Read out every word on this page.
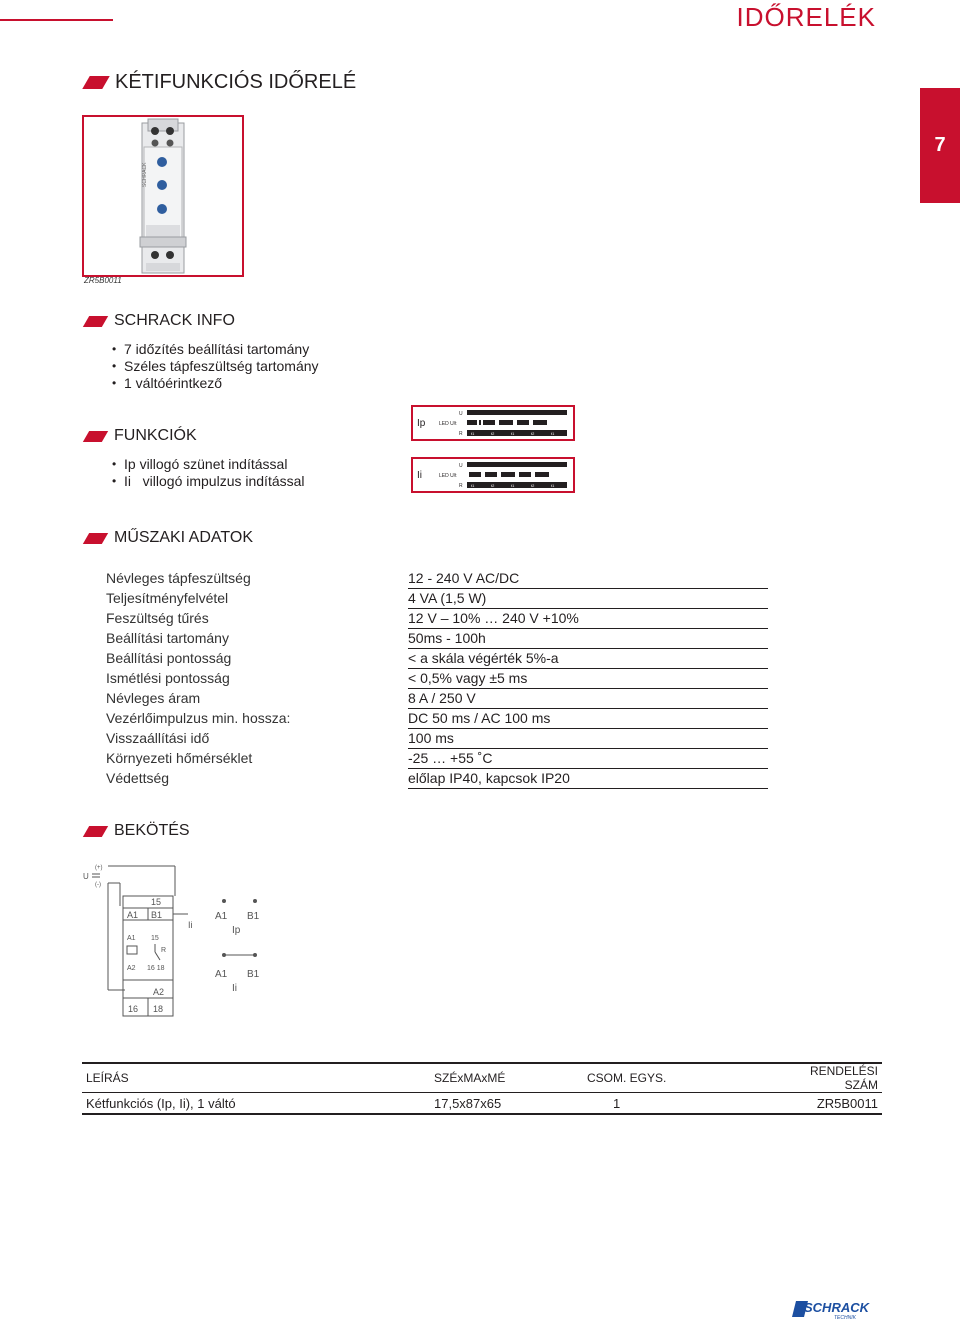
IDŐRELÉK
7
KÉTIFUNKCIÓS IDŐRELÉ
SCHRACK
ZR5B0011
SCHRACK INFO
• 7 időzítés beállítási tartomány
• Széles tápfeszültség tartomány
• 1 váltóérintkező
FUNKCIÓK
• Ip villogó szünet indítással
• Ii   villogó impulzus indítással
Ip
U
LED U/t
R t1	t2	t1	t2	t1
Ii
U
LED U/t
R t1	t2	t1	t2	t1
MŰSZAKI ADATOK
Névleges tápfeszültség	12 - 240 V AC/DC
Teljesítményfelvétel	4 VA (1,5 W)
Feszültség tűrés	12 V – 10% … 240 V +10%
Beállítási tartomány	50ms - 100h
Beállítási pontosság	< a skála végérték 5%-a
Ismétlési pontosság	< 0,5% vagy ±5 ms
Névleges áram	8 A / 250 V
Vezérlőimpulzus min. hossza:	DC 50 ms / AC 100 ms
Visszaállítási idő	100 ms
Környezeti hőmérséklet	-25 … +55 ˚C
Védettség	előlap IP40, kapcsok IP20
BEKÖTÉS
(+)
(-)
U
15
A1 B1
Ii
A1 15
R
A2 16 18
A2
16 18
A1 B1
Ip
A1 B1
Ii
LEÍRÁS	SZÉxMAxMÉ	CSOM. EGYS.	RENDELÉSI SZÁM
Kétfunkciós (Ip, Ii), 1 váltó	17,5x87x65	1	ZR5B0011
SCHRACK
TECHNIK
